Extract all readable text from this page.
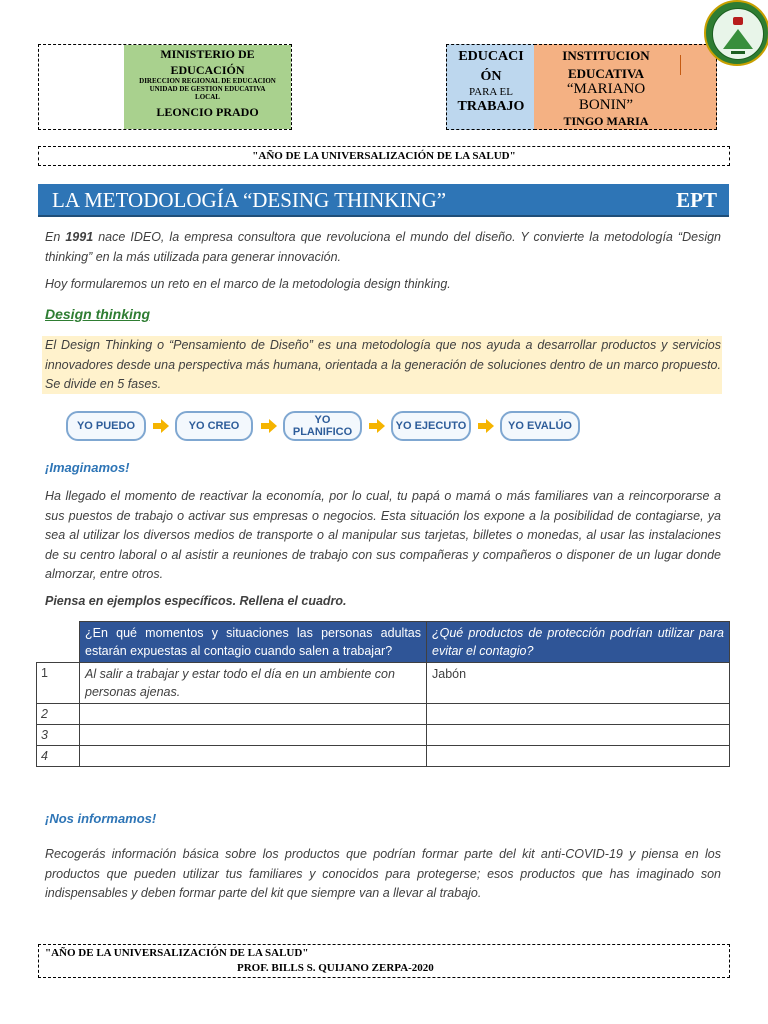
MINISTERIO DE
EDUCACIÓN
DIRECCION REGIONAL DE EDUCACION
UNIDAD DE GESTION EDUCATIVA
LOCAL
LEONCIO PRADO
EDUCACI
ÓN
PARA EL
TRABAJO
INSTITUCION
EDUCATIVA
“MARIANO
BONIN”
TINGO MARIA
"AÑO DE LA UNIVERSALIZACIÓN DE LA SALUD"
LA METODOLOGÍA “DESING THINKING”	EPT
En 1991 nace IDEO, la empresa consultora que revoluciona el mundo del diseño. Y convierte la metodología “Design thinking” en la más utilizada para generar innovación.
Hoy formularemos un reto en el marco de la metodologia design thinking.
Design thinking
El Design Thinking o “Pensamiento de Diseño” es una metodología que nos ayuda a desarrollar productos y servicios innovadores desde una perspectiva más humana, orientada a la generación de soluciones dentro de un marco propuesto. Se divide en 5 fases.
YO PUEDO	YO CREO	YO PLANIFICO	YO EJECUTO	YO EVALÚO
¡Imaginamos!
Ha llegado el momento de reactivar la economía, por lo cual, tu papá o mamá o más familiares van a reincorporarse a sus puestos de trabajo o activar sus empresas o negocios. Esta situación los expone a la posibilidad de contagiarse, ya sea al utilizar los diversos medios de transporte o al manipular sus tarjetas, billetes o monedas, al usar las instalaciones de su centro laboral o al asistir a reuniones de trabajo con sus compañeras y compañeros o disponer de un lugar donde almorzar, entre otros.
Piensa en ejemplos específicos. Rellena el cuadro.
	¿En qué momentos y situaciones las personas adultas estarán expuestas al contagio cuando salen a trabajar?	¿Qué productos de protección podrían utilizar para evitar el contagio?
1	Al salir a trabajar y estar todo el día en un ambiente con personas ajenas.	Jabón
2		
3		
4		
¡Nos informamos!
Recogerás información básica sobre los productos que podrían formar parte del kit anti-COVID-19 y piensa en los productos que pueden utilizar tus familiares y conocidos para protegerse; esos productos que has imaginado son indispensables y deben formar parte del kit que siempre van a llevar al trabajo.
"AÑO DE LA UNIVERSALIZACIÓN DE LA SALUD"
PROF. BILLS S. QUIJANO ZERPA-2020
